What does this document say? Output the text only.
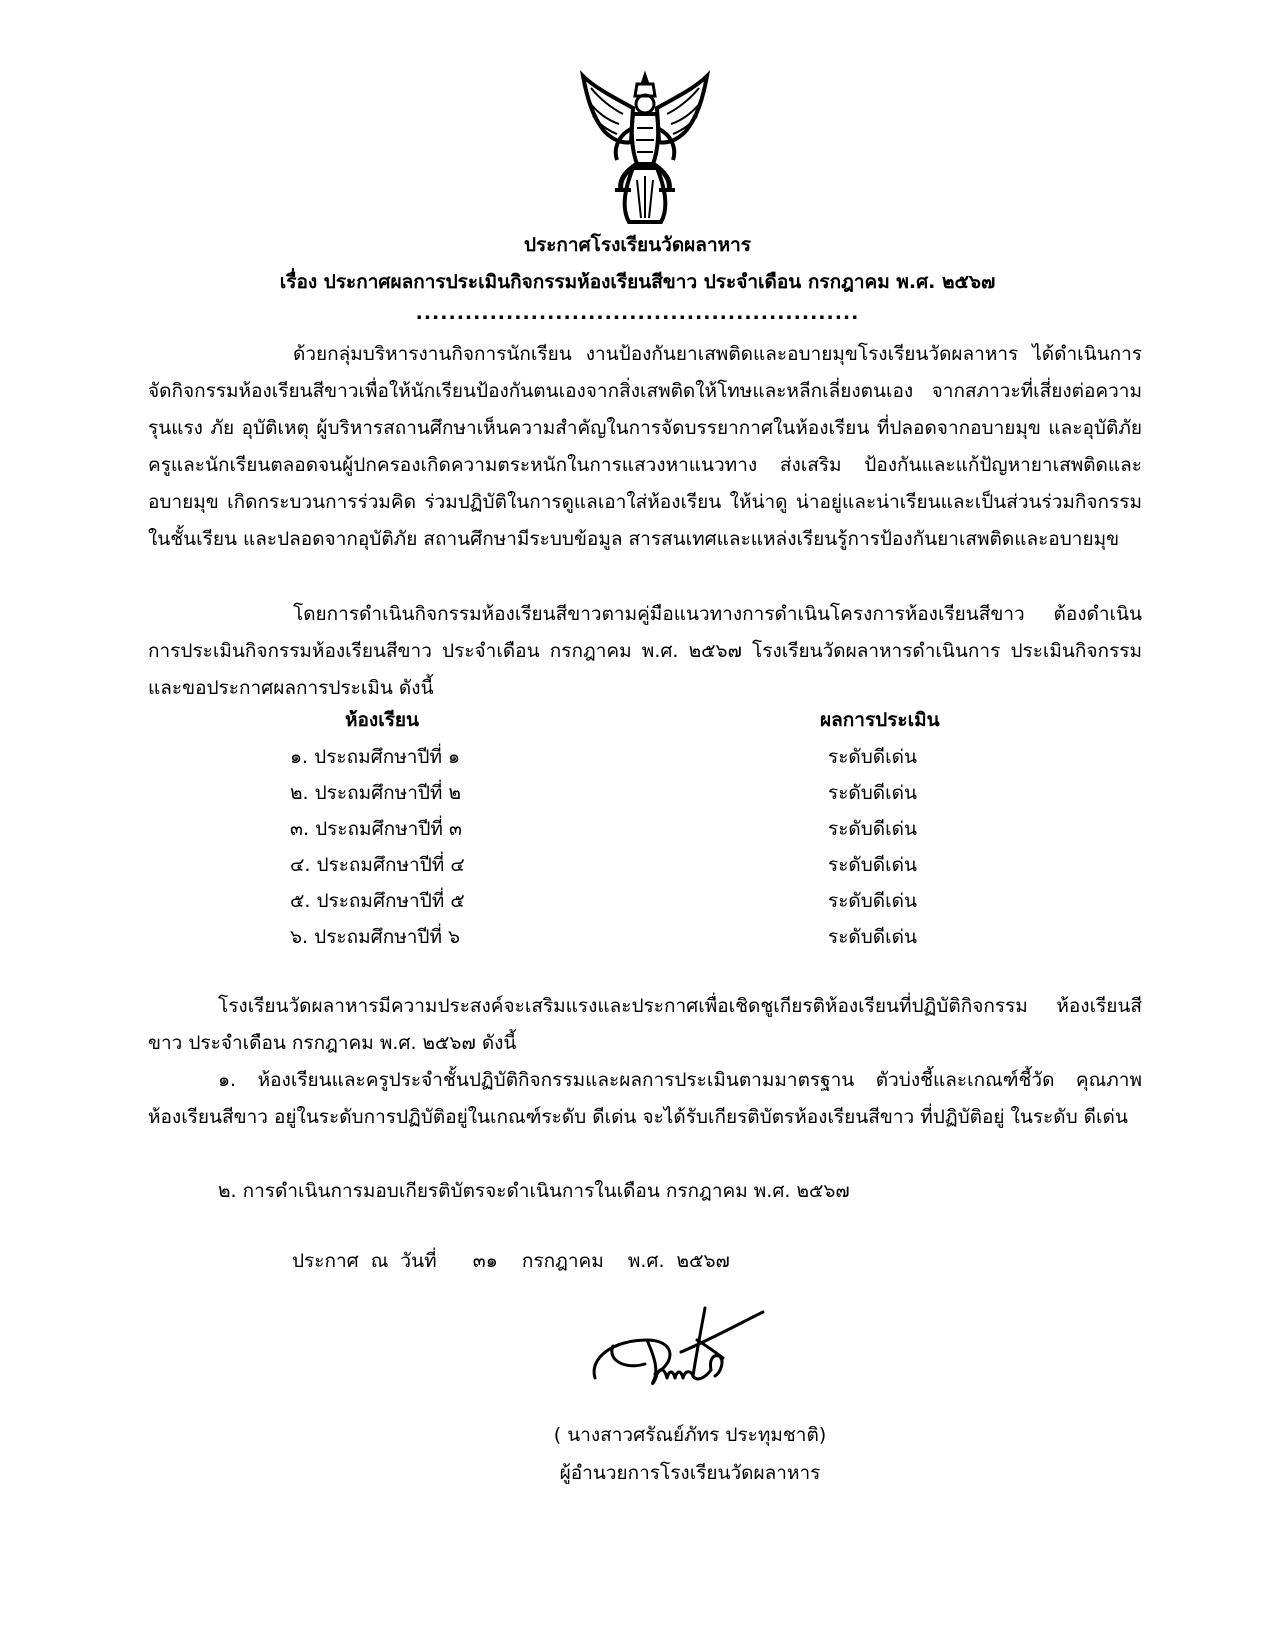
ประกาศโรงเรียนวัดผลาหาร
เรื่อง ประกาศผลการประเมินกิจกรรมห้องเรียนสีขาว ประจำเดือน กรกฎาคม พ.ศ. ๒๕๖๗
......................................................

ด้วยกลุ่มบริหารงานกิจการนักเรียน งานป้องกันยาเสพติดและอบายมุขโรงเรียนวัดผลาหาร ได้ดำเนินการจัดกิจกรรมห้องเรียนสีขาวเพื่อให้นักเรียนป้องกันตนเองจากสิ่งเสพติดให้โทษและหลีกเลี่ยงตนเอง จากสภาวะที่เสี่ยงต่อความรุนแรง ภัย อุบัติเหตุ ผู้บริหารสถานศึกษาเห็นความสำคัญในการจัดบรรยากาศในห้องเรียน ที่ปลอดจากอบายมุข และอุบัติภัย ครูและนักเรียนตลอดจนผู้ปกครองเกิดความตระหนักในการแสวงหาแนวทาง ส่งเสริม ป้องกันและแก้ปัญหายาเสพติดและอบายมุข เกิดกระบวนการร่วมคิด ร่วมปฏิบัติในการดูแลเอาใส่ห้องเรียน ให้น่าดู น่าอยู่และน่าเรียนและเป็นส่วนร่วมกิจกรรมในชั้นเรียน และปลอดจากอุบัติภัย สถานศึกษามีระบบข้อมูล สารสนเทศและแหล่งเรียนรู้การป้องกันยาเสพติดและอบายมุข

โดยการดำเนินกิจกรรมห้องเรียนสีขาวตามคู่มือแนวทางการดำเนินโครงการห้องเรียนสีขาว ต้องดำเนินการประเมินกิจกรรมห้องเรียนสีขาว ประจำเดือน กรกฎาคม พ.ศ. ๒๕๖๗ โรงเรียนวัดผลาหารดำเนินการ ประเมินกิจกรรม และขอประกาศผลการประเมิน ดังนี้

ห้องเรียน	ผลการประเมิน
๑. ประถมศึกษาปีที่ ๑	ระดับดีเด่น
๒. ประถมศึกษาปีที่ ๒	ระดับดีเด่น
๓. ประถมศึกษาปีที่ ๓	ระดับดีเด่น
๔. ประถมศึกษาปีที่ ๔	ระดับดีเด่น
๕. ประถมศึกษาปีที่ ๕	ระดับดีเด่น
๖. ประถมศึกษาปีที่ ๖	ระดับดีเด่น

โรงเรียนวัดผลาหารมีความประสงค์จะเสริมแรงและประกาศเพื่อเชิดชูเกียรติห้องเรียนที่ปฏิบัติกิจกรรม ห้องเรียนสีขาว ประจำเดือน กรกฎาคม พ.ศ. ๒๕๖๗ ดังนี้

๑. ห้องเรียนและครูประจำชั้นปฏิบัติกิจกรรมและผลการประเมินตามมาตรฐาน ตัวบ่งชี้และเกณฑ์ชี้วัด คุณภาพห้องเรียนสีขาว อยู่ในระดับการปฏิบัติอยู่ในเกณฑ์ระดับ ดีเด่น จะได้รับเกียรติบัตรห้องเรียนสีขาว ที่ปฏิบัติอยู่ ในระดับ ดีเด่น

๒. การดำเนินการมอบเกียรติบัตรจะดำเนินการในเดือน กรกฎาคม พ.ศ. ๒๕๖๗

ประกาศ ณ วันที่ ๓๑ กรกฎาคม พ.ศ. ๒๕๖๗
( นางสาวศรัณย์ภัทร ประทุมชาติ)
ผู้อำนวยการโรงเรียนวัดผลาหาร
